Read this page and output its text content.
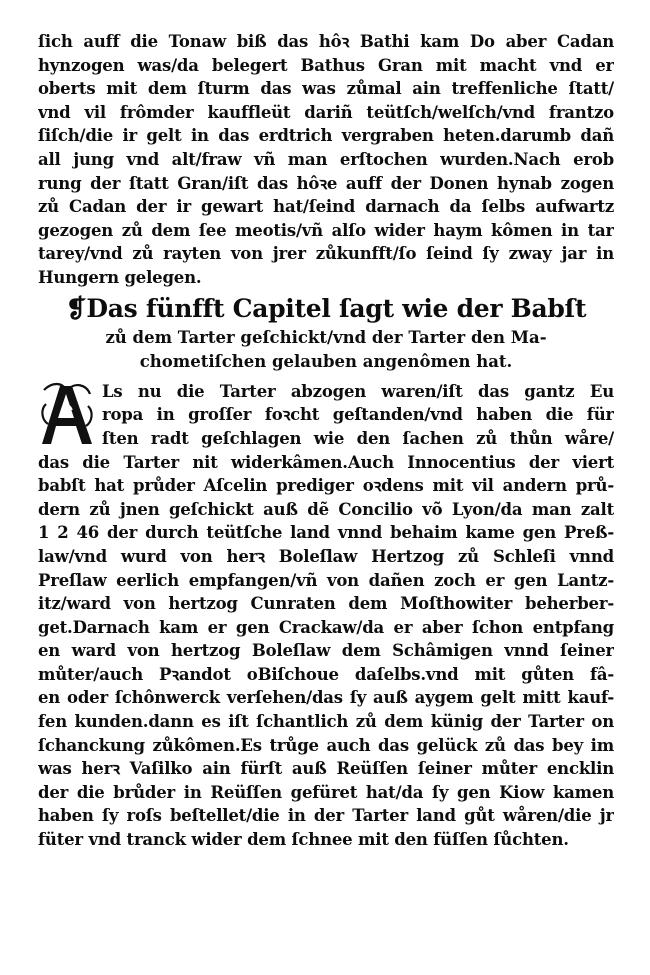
ſich auff die Tonaw biß das hôꝛ Bathi kam Do aber Cadan
hynzogen was/da belegert Bathus Gran mit macht vnd er
oberts mit dem ſturm das was zůmal ain treffenliche ſtatt/
vnd vil frômder kauffleüt dariñ teütſch/welſch/vnd frantzo
ſiſch/die ir gelt in das erdtrich vergraben heten.darumb dañ
all jung vnd alt/fraw vñ man erſtochen wurden.Nach erob
rung der ſtatt Gran/iſt das hôꝛe auff der Donen hynab zogen
zů Cadan der ir gewart hat/ſeind darnach da ſelbs aufwartz
gezogen zů dem ſee meotis/vñ alſo wider haym kômen in tar
tarey/vnd zů rayten von jrer zůkunfft/ſo ſeind ſy zway jar in
Hungern gelegen.
❡Das fünfft Capitel ſagt wie der Babſt
zů dem Tarter geſchickt/vnd der Tarter den Ma-
chometiſchen gelauben angenômen hat.
A
Ls nu die Tarter abzogen waren/iſt das gantz Eu
ropa in groſſer foꝛcht geſtanden/vnd haben die für
ſten radt geſchlagen wie den ſachen zů thůn wåre/
das die Tarter nit widerkâmen.Auch Innocentius der viert
babſt hat průder Aſcelin prediger oꝛdens mit vil andern prů-
dern zů jnen geſchickt auß dẽ Concilio võ Lyon/da man zalt
1 2 46 der durch teütſche land vnnd behaim kame gen Preß-
law/vnd wurd von herꝛ Boleſlaw Hertzog zů Schleſi vnnd
Preſlaw eerlich empfangen/vñ von dañen zoch er gen Lantz-
itz/ward von hertzog Cunraten dem Moſthowiter beherber-
get.Darnach kam er gen Crackaw/da er aber ſchon entpfang
en ward von hertzog Boleſlaw dem Schâmigen vnnd ſeiner
můter/auch Pꝛandot oBiſchoue daſelbs.vnd mit gůten fâ-
en oder ſchônwerck verſehen/das ſy auß aygem gelt mitt kauf-
fen kunden.dann es iſt ſchantlich zů dem künig der Tarter on
ſchanckung zůkômen.Es trůge auch das gelück zů das bey im
was herꝛ Vaſilko ain fürſt auß Reüſſen ſeiner můter encklin
der die brůder in Reüſſen gefüret hat/da ſy gen Kiow kamen
haben ſy roſs beſtellet/die in der Tarter land gůt wåren/die jr
füter vnd tranck wider dem ſchnee mit den füſſen ſůchten.
